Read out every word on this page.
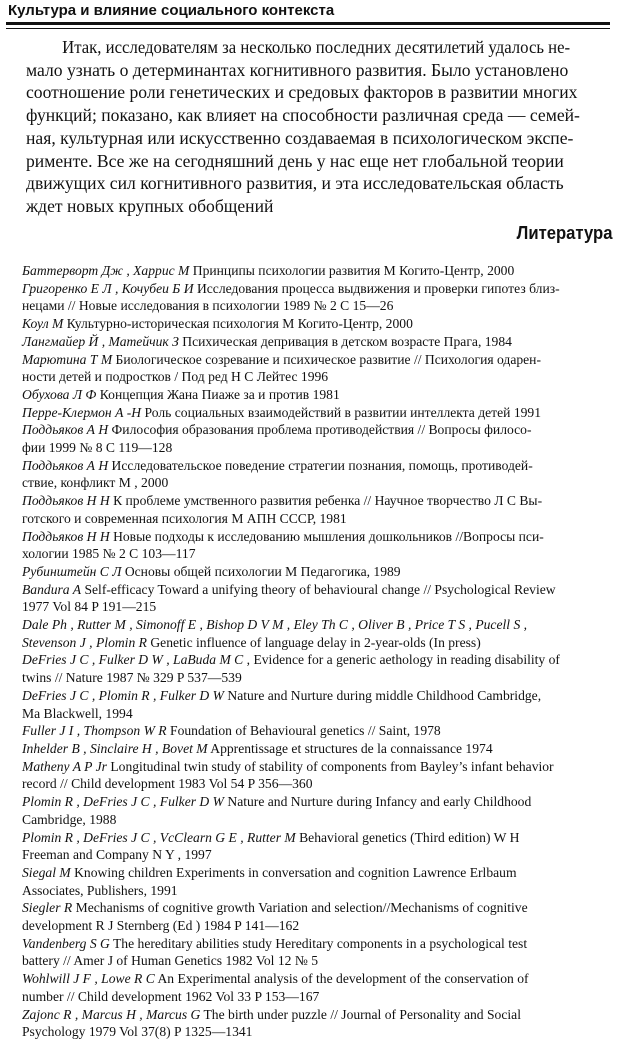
Культура и влияние социального контекста
Итак, исследователям за несколько последних десятилетий удалось не-
мало узнать о детерминантах когнитивного развития. Было установлено
соотношение роли генетических и средовых факторов в развитии многих
функций; показано, как влияет на способности различная среда — семей-
ная, культурная или искусственно создаваемая в психологическом экспе-
рименте. Все же на сегодняшний день у нас еще нет глобальной теории
движущих сил когнитивного развития, и эта исследовательская область
ждет новых крупных обобщений
Литература
Баттерворт Дж , Харрис М Принципы психологии развития М Когито-Центр, 2000
Григоренко Е Л , Кочубеи Б И Исследования процесса выдвижения и проверки гипотез близ-
нецами // Новые исследования в психологии 1989 № 2 С 15—26
Коул М Культурно-историческая психология М Когито-Центр, 2000
Лангмайер Й , Матейчик З Психическая депривация в детском возрасте Прага, 1984
Марютина Т М Биологическое созревание и психическое развитие // Психология одарен-
ности детей и подростков / Под ред Н С Лейтес 1996
Обухова Л Ф Концепция Жана Пиаже за и против 1981
Перре-Клермон А -Н Роль социальных взаимодействий в развитии интеллекта детей 1991
Поддьяков А Н Философия образования проблема противодействия // Вопросы филосо-
фии 1999 № 8 С 119—128
Поддьяков А Н Исследовательское поведение стратегии познания, помощь, противодей-
ствие, конфликт М , 2000
Поддьяков Н Н К проблеме умственного развития ребенка // Научное творчество Л С Вы-
готского и современная психология М АПН СССР, 1981
Поддьяков Н Н Новые подходы к исследованию мышления дошкольников //Вопросы пси-
хологии 1985 № 2 С 103—117
Рубинштейн С Л Основы общей психологии М Педагогика, 1989
Bandura A Self-efficacy Toward a unifying theory of behavioural change // Psychological Review
1977 Vol 84 P 191—215
Dale Ph , Rutter M , Simonoff E , Bishop D V M , Eley Th C , Oliver B , Price T S , Pucell S ,
Stevenson J , Plomin R Genetic influence of language delay in 2-year-olds (In press)
DeFries J C , Fulker D W , LaBuda M C , Evidence for a generic aethology in reading disability of
twins // Nature 1987 № 329 P 537—539
DeFries J C , Plomin R , Fulker D W Nature and Nurture during middle Childhood Cambridge,
Ma Blackwell, 1994
Fuller J I , Thompson W R Foundation of Behavioural genetics // Saint, 1978
Inhelder B , Sinclaire H , Bovet M Apprentissage et structures de la connaissance 1974
Matheny A P Jr Longitudinal twin study of stability of components from Bayley’s infant behavior
record // Child development 1983 Vol 54 P 356—360
Plomin R , DeFries J C , Fulker D W Nature and Nurture during Infancy and early Childhood
Cambridge, 1988
Plomin R , DeFries J C , VcClearn G E , Rutter M Behavioral genetics (Third edition) W H
Freeman and Company N Y , 1997
Siegal M Knowing children Experiments in conversation and cognition Lawrence Erlbaum
Associates, Publishers, 1991
Siegler R Mechanisms of cognitive growth Variation and selection//Mechanisms of cognitive
development R J Sternberg (Ed ) 1984 P 141—162
Vandenberg S G The hereditary abilities study Hereditary components in a psychological test
battery // Amer J of Human Genetics 1982 Vol 12 № 5
Wohlwill J F , Lowe R C An Experimental analysis of the development of the conservation of
number // Child development 1962 Vol 33 P 153—167
Zajonc R , Marcus H , Marcus G The birth under puzzle // Journal of Personality and Social
Psychology 1979 Vol 37(8) P 1325—1341
